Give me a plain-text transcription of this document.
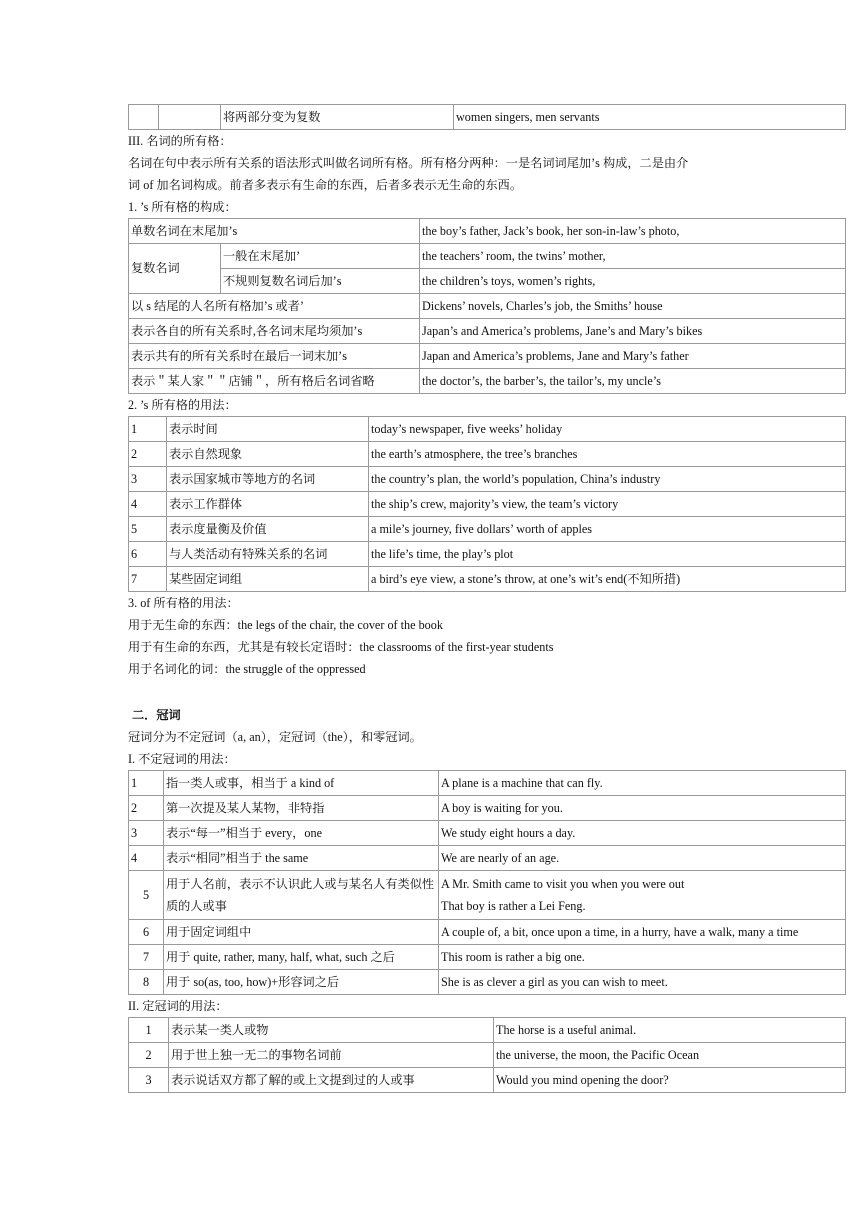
		将两部分变为复数	women singers, men servants
III. 名词的所有格：
名词在句中表示所有关系的语法形式叫做名词所有格。所有格分两种：一是名词词尾加’s 构成，二是由介
词 of 加名词构成。前者多表示有生命的东西，后者多表示无生命的东西。
1. ’s 所有格的构成：
单数名词在末尾加’s		the boy’s father, Jack’s book, her son-in-law’s photo,
复数名词	一般在末尾加’	the teachers’ room, the twins’ mother,
	不规则复数名词后加’s	the children’s toys, women’s rights,
以 s 结尾的人名所有格加’s 或者’		Dickens’ novels, Charles’s job, the Smiths’ house
表示各自的所有关系时,各名词末尾均须加’s		Japan’s and America’s problems, Jane’s and Mary’s bikes
表示共有的所有关系时在最后一词末加’s		Japan and America’s problems, Jane and Mary’s father
表示＂某人家＂＂店铺＂，所有格后名词省略		the doctor’s, the barber’s, the tailor’s, my uncle’s
2. ’s 所有格的用法：
1	表示时间	today’s newspaper, five weeks’ holiday
2	表示自然现象	the earth’s atmosphere, the tree’s branches
3	表示国家城市等地方的名词	the country’s plan, the world’s population, China’s industry
4	表示工作群体	the ship’s crew, majority’s view, the team’s victory
5	表示度量衡及价值	a mile’s journey, five dollars’ worth of apples
6	与人类活动有特殊关系的名词	the life’s time, the play’s plot
7	某些固定词组	a bird’s eye view, a stone’s throw, at one’s wit’s end(不知所措)
3. of 所有格的用法：
用于无生命的东西：the legs of the chair, the cover of the book
用于有生命的东西，尤其是有较长定语时：the classrooms of the first-year students
用于名词化的词：the struggle of the oppressed
二．冠词
冠词分为不定冠词（a, an），定冠词（the），和零冠词。
I. 不定冠词的用法：
1	指一类人或事，相当于 a kind of	A plane is a machine that can fly.
2	第一次提及某人某物，非特指	A boy is waiting for you.
3	表示“每一”相当于 every，one	We study eight hours a day.
4	表示“相同”相当于 the same	We are nearly of an age.
5	用于人名前，表示不认识此人或与某名人有类似性质的人或事	A Mr. Smith came to visit you when you were out
That boy is rather a Lei Feng.

6	用于固定词组中	A couple of, a bit, once upon a time, in a hurry, have a walk, many a time
7	用于 quite, rather, many, half, what, such 之后	This room is rather a big one.
8	用于 so(as, too, how)+形容词之后	She is as clever a girl as you can wish to meet.
II. 定冠词的用法：
1	表示某一类人或物	The horse is a useful animal.
2	用于世上独一无二的事物名词前	the universe, the moon, the Pacific Ocean
3	表示说话双方都了解的或上文提到过的人或事	Would you mind opening the door?
